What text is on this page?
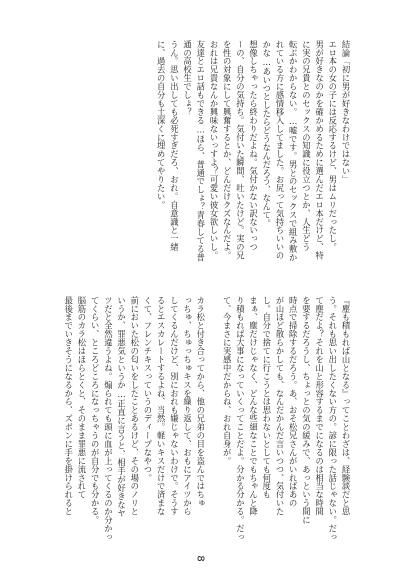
結論「初に男が好きなわけではない」

エロ本の女の子には反応するけど、男はムリだったし。

男が好きなのかを確かめるために選んだエロ本だけど、特

に実の兄貴とのセックスの知識に役立つとか、人生どう

転ぶかわからない。…嘘です。男とのセックスで組み敷か

れている方に感情移入してました。お尻って気持ちいいの

かな…あいつとしたらどうなんだろう、なんて。

想像しちゃったら終わりだよね。気付かない訳ないっつ

ーの、自分の気持ち。気付いた瞬間、吐いたけど。実の兄

を性の対象にして興奮するとか、どんだけクズなんだよ。

おれは兄貴なんか興味ないっすよ？可愛い彼女欲しいし。

友達とエロ話もできる…ほら、普通でしょ？青春してる普

通の高校生でしょ？

うん。思い出しても必死すぎだろ、おれ。自意識と一緒

に、過去の自分も土深くに埋めてやりたい。

『塵も積もれば山となる』ってことわざは、経験談だと思

う。それも思い出したくない方の。諺に限った話じゃない。だっ

て塵だよ？それを山と形容するまでになるのは相当な時間

を要するだろうし、ちょっとの気の緩みで、あっという間に

時点で掃除するだろう。あ、おそ松兄さんがいればあの

が山ほど散らかしても、なんだかんだ言いつつ、気付いた

し。自分で捨てに行こうとは思わないとしても何度も

まぁ、塵だけじゃなく、どんな些細なことでもちゃんと降

り積もれば大事になっていくってことだよ。分かる分かる。だっ

て、今まさに実感中だからね、おれ自身が。

カラ松と付き合ってから、他の兄弟の目を盗んではちゅ

っちゅ、ちゅっちゅキスを繰り返して、おもにアイツから

してくるんだけど、別におれも嫌じゃないわけで。そうす

るとエスカレートするよね、当然。軽いキスだけで済まな

くて、フレンチキスっていうのディープなやつ。

前においた松の匂いをしたことあるけど、その場のノリと

いうか、罪悪気というか…正直に言うと、相手が好きなヤ

ツだと全然違うよね。煽られても頭に血が上ってくるのか分かっ

てくらい、ところどころになっちゃうのが自分でも分かる。

脳筋のカラ松はほらとくと、そのまま罪悪に流されて

最後までいきそうになるから、ズボンに手を掛けられると

8
